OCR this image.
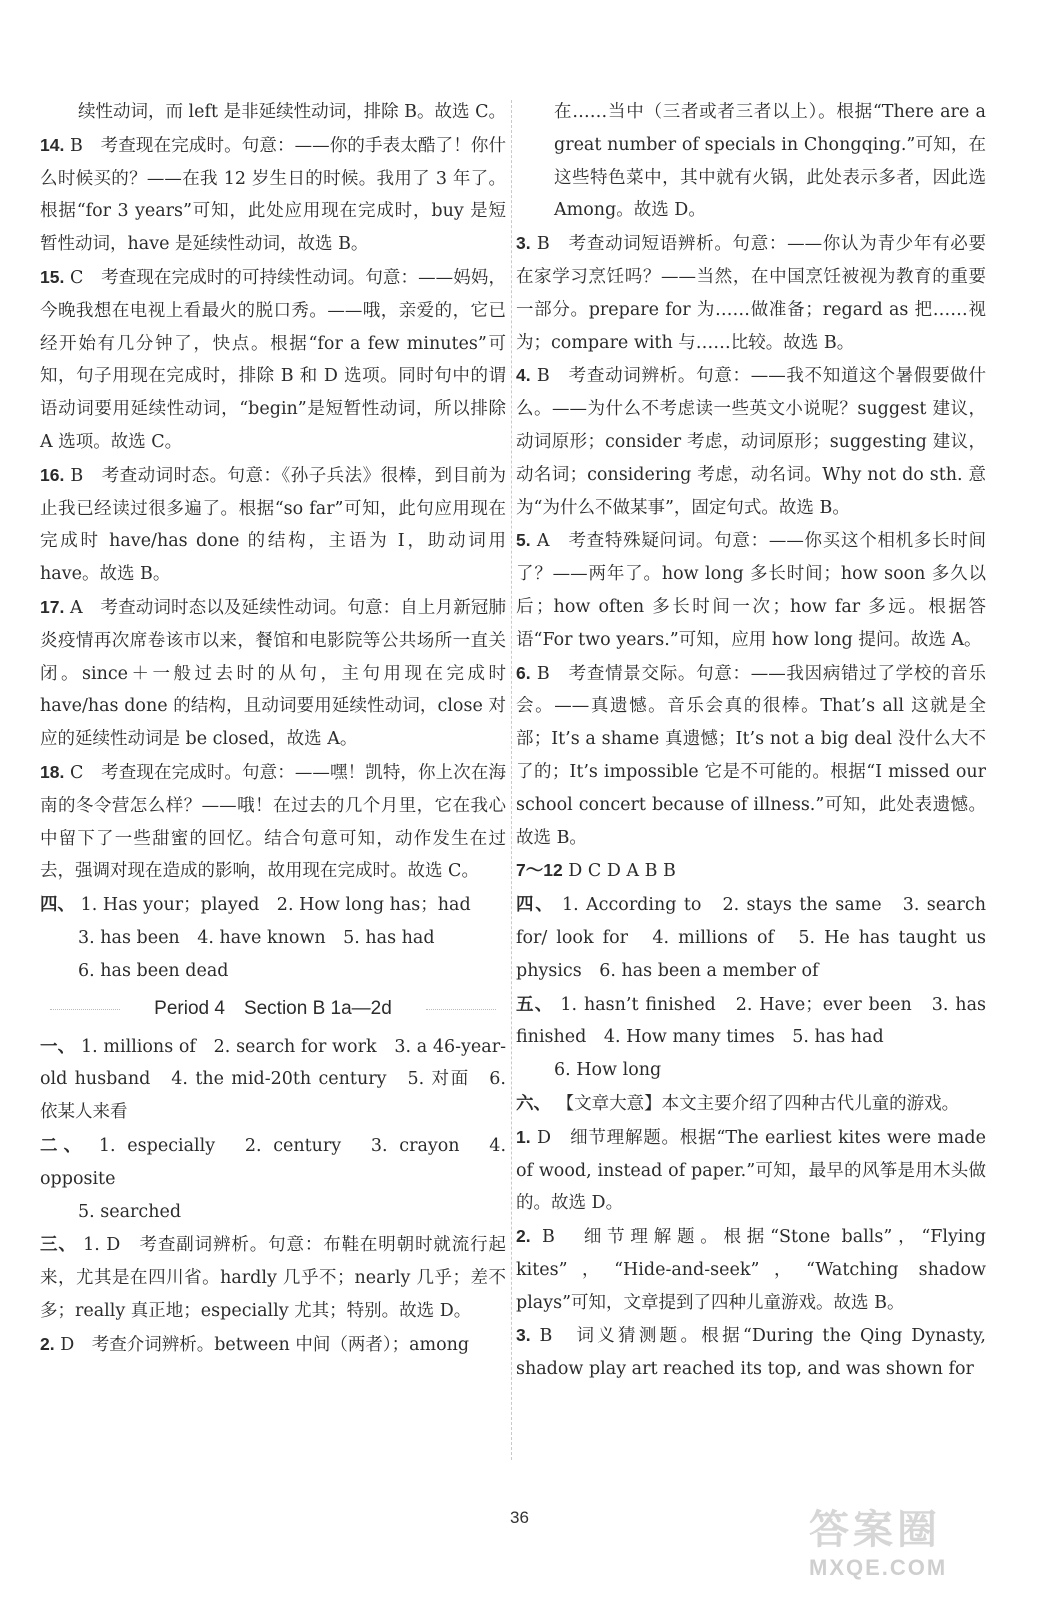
续性动词，而 left 是非延续性动词，排除 B。故选 C。

14. B　考查现在完成时。句意：——你的手表太酷了！你什么时候买的？——在我 12 岁生日的时候。我用了 3 年了。根据“for 3 years”可知，此处应用现在完成时，buy 是短暂性动词，have 是延续性动词，故选 B。

15. C　考查现在完成时的可持续性动词。句意：——妈妈，今晚我想在电视上看最火的脱口秀。——哦，亲爱的，它已经开始有几分钟了，快点。根据“for a few minutes”可知，句子用现在完成时，排除 B 和 D 选项。同时句中的谓语动词要用延续性动词，“begin”是短暂性动词，所以排除 A 选项。故选 C。

16. B　考查动词时态。句意：《孙子兵法》很棒，到目前为止我已经读过很多遍了。根据“so far”可知，此句应用现在完成时 have/has done 的结构，主语为 I，助动词用 have。故选 B。

17. A　考查动词时态以及延续性动词。句意：自上月新冠肺炎疫情再次席卷该市以来，餐馆和电影院等公共场所一直关闭。since＋一般过去时的从句，主句用现在完成时 have/has done 的结构，且动词要用延续性动词，close 对应的延续性动词是 be closed，故选 A。

18. C　考查现在完成时。句意：——嘿！凯特，你上次在海南的冬令营怎么样？——哦！在过去的几个月里，它在我心中留下了一些甜蜜的回忆。结合句意可知，动作发生在过去，强调对现在造成的影响，故用现在完成时。故选 C。

四、 1. Has your；played　2. How long has；had

3. has been　4. have known　5. has had

6. has been dead

Period 4　Section B 1a—2d

一、 1. millions of　2. search for work　3. a 46-year-old husband　4. the mid-20th century　5. 对面　6. 依某人来看

二、 1. especially　2. century　3. crayon　4. opposite

5. searched

三、 1. D　考查副词辨析。句意：布鞋在明朝时就流行起来，尤其是在四川省。hardly 几乎不；nearly 几乎；差不多；really 真正地；especially 尤其；特别。故选 D。

2. D　考查介词辨析。between 中间（两者）；among

在……当中（三者或者三者以上）。根据“There are a great number of specials in Chongqing.”可知，在这些特色菜中，其中就有火锅，此处表示多者，因此选 Among。故选 D。

3. B　考查动词短语辨析。句意：——你认为青少年有必要在家学习烹饪吗？——当然，在中国烹饪被视为教育的重要一部分。prepare for 为……做准备；regard as 把……视为；compare with 与……比较。故选 B。

4. B　考查动词辨析。句意：——我不知道这个暑假要做什么。——为什么不考虑读一些英文小说呢？suggest 建议，动词原形；consider 考虑，动词原形；suggesting 建议，动名词；considering 考虑，动名词。Why not do sth. 意为“为什么不做某事”，固定句式。故选 B。

5. A　考查特殊疑问词。句意：——你买这个相机多长时间了？——两年了。how long 多长时间；how soon 多久以后；how often 多长时间一次；how far 多远。根据答语“For two years.”可知，应用 how long 提问。故选 A。

6. B　考查情景交际。句意：——我因病错过了学校的音乐会。——真遗憾。音乐会真的很棒。That’s all 这就是全部；It’s a shame 真遗憾；It’s not a big deal 没什么大不了的；It’s impossible 它是不可能的。根据“I missed our school concert because of illness.”可知，此处表遗憾。故选 B。

7～12 D C D A B B

四、 1. According to　2. stays the same　3. search for/ look for　4. millions of　5. He has taught us physics　6. has been a member of

五、 1. hasn’t finished　2. Have；ever been　3. has finished　4. How many times　5. has had

6. How long

六、 【文章大意】本文主要介绍了四种古代儿童的游戏。

1. D　细节理解题。根据“The earliest kites were made of wood, instead of paper.”可知，最早的风筝是用木头做的。故选 D。

2. B　细节理解题。根据“Stone balls”，“Flying kites”，“Hide-and-seek”，“Watching shadow plays”可知，文章提到了四种儿童游戏。故选 B。

3. B　词义猜测题。根据“During the Qing Dynasty, shadow play art reached its top, and was shown for

36	答案圈
MXQE.COM
